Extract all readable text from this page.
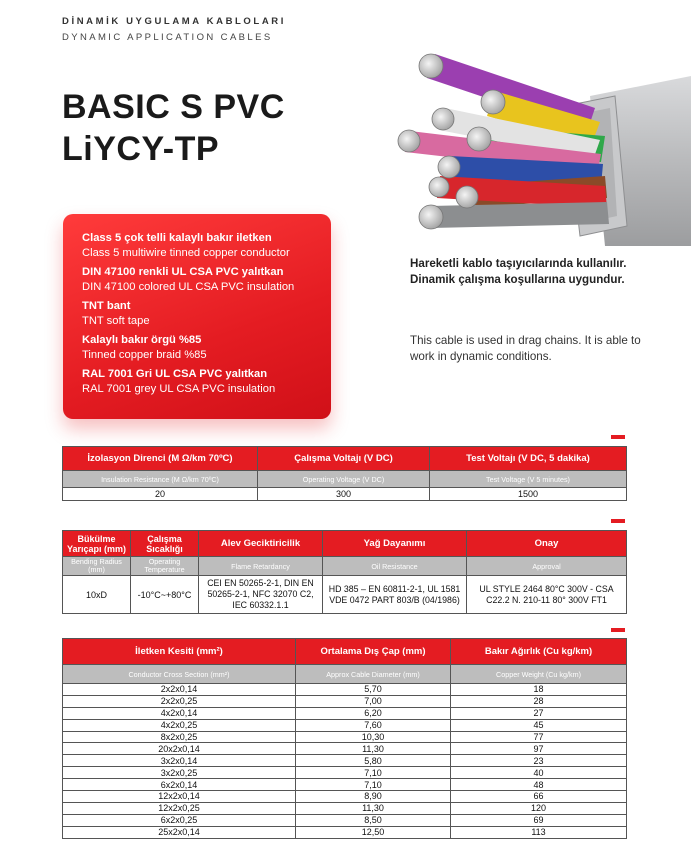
DİNAMİK UYGULAMA KABLOLARI
DYNAMIC APPLICATION CABLES
BASIC S PVC
LiYCY-TP
Class 5 çok telli kalaylı bakır iletken
Class 5 multiwire tinned copper conductor
DIN 47100 renkli UL CSA PVC yalıtkan
DIN 47100 colored UL CSA PVC insulation
TNT bant
TNT soft tape
Kalaylı bakır örgü %85
Tinned copper braid %85
RAL 7001 Gri UL CSA PVC yalıtkan
RAL 7001 grey UL CSA PVC insulation
Hareketli kablo taşıyıcılarında kullanılır. Dinamik çalışma koşullarına uygundur.
This cable is used in drag chains. It is able to work in dynamic conditions.
İzolasyon Direnci (M Ω/km 70ºC)	Çalışma Voltajı (V DC)	Test Voltajı (V DC, 5 dakika)
Insulation Resistance (M Ω/km 70ºC)	Operating Voltage (V DC)	Test Voltage (V 5 minutes)
20	300	1500
Bükülme Yarıçapı (mm)	Çalışma Sıcaklığı	Alev Geciktiricilik	Yağ Dayanımı	Onay
Bending Radius (mm)	Operating Temperature	Flame Retardancy	Oil Resistance	Approval
10xD	-10°C~+80°C	CEI EN 50265-2-1, DIN EN 50265-2-1, NFC 32070 C2, IEC 60332.1.1	HD 385 – EN 60811-2-1, UL 1581 VDE 0472 PART 803/B (04/1986)	UL STYLE 2464 80°C 300V - CSA C22.2 N. 210-11 80° 300V FT1
İletken Kesiti (mm²)	Ortalama Dış Çap (mm)	Bakır Ağırlık (Cu kg/km)
Conductor Cross Section (mm²)	Approx Cable Diameter (mm)	Copper Weight (Cu kg/km)
2x2x0,14	5,70	18
2x2x0,25	7,00	28
4x2x0,14	6,20	27
4x2x0,25	7,60	45
8x2x0,25	10,30	77
20x2x0,14	11,30	97
3x2x0,14	5,80	23
3x2x0,25	7,10	40
6x2x0,14	7,10	48
12x2x0,14	8,90	66
12x2x0,25	11,30	120
6x2x0,25	8,50	69
25x2x0,14	12,50	113
